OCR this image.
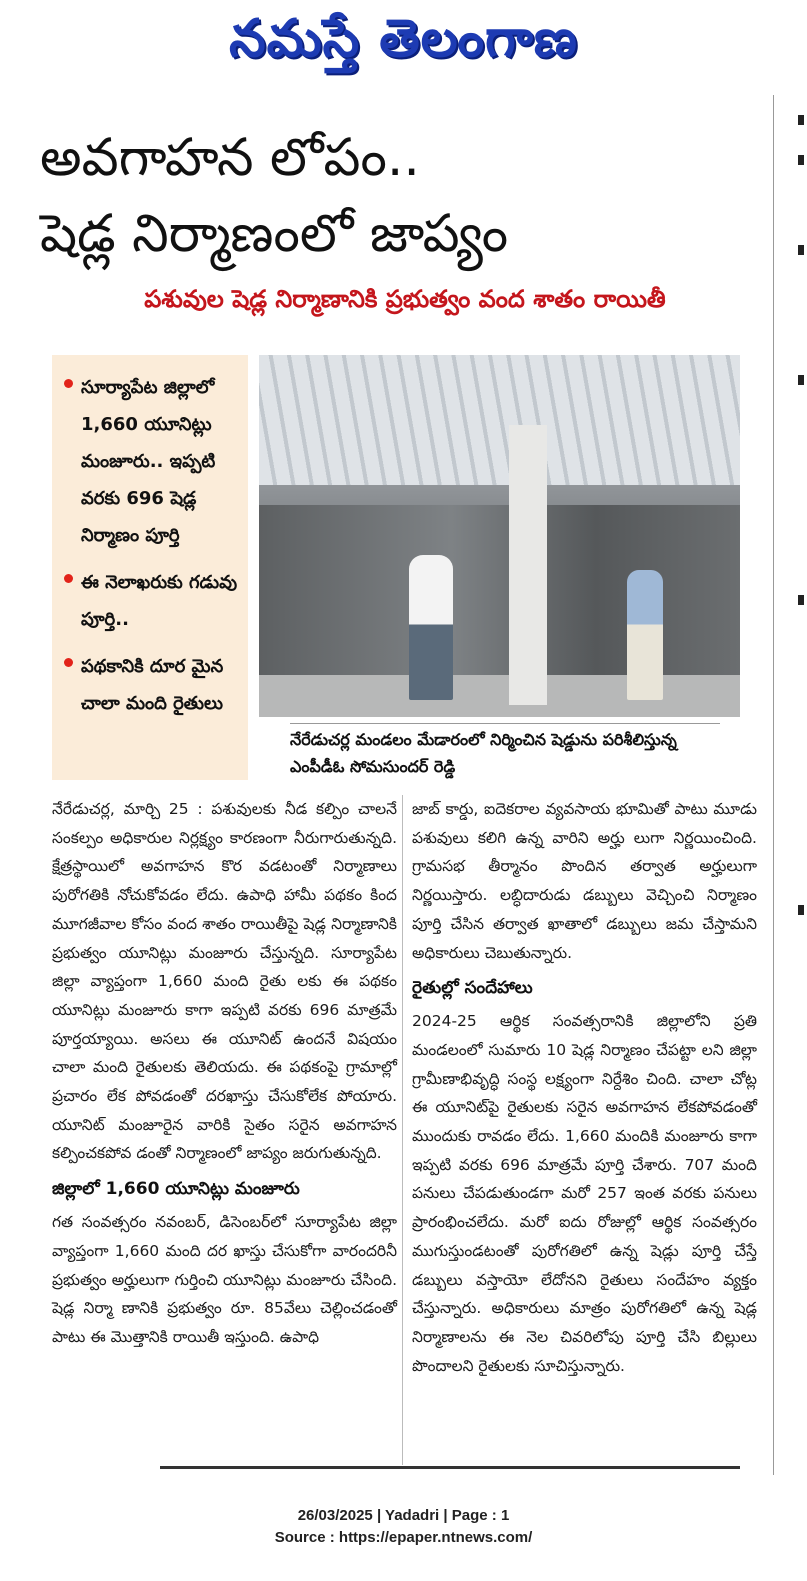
నమస్తే తెలంగాణ
అవగాహన లోపం..
షెడ్ల నిర్మాణంలో జాప్యం
పశువుల షెడ్ల నిర్మాణానికి ప్రభుత్వం వంద శాతం రాయితీ
సూర్యాపేట జిల్లాలో 1,660 యూనిట్లు మంజూరు.. ఇప్పటి వరకు 696 షెడ్ల నిర్మాణం పూర్తి
ఈ నెలాఖరుకు గడువు పూర్తి..
పథకానికి దూర మైన చాలా మంది రైతులు
నేరేడుచర్ల మండలం మేడారంలో నిర్మించిన షెడ్డును పరిశీలిస్తున్న ఎంపీడీఓ సోమసుందర్ రెడ్డి

నేరేడుచర్ల, మార్చి 25 : పశువులకు నీడ కల్పిం చాలనే సంకల్పం అధికారుల నిర్లక్ష్యం కారణంగా నీరుగారుతున్నది. క్షేత్రస్థాయిలో అవగాహన కొర వడటంతో నిర్మాణాలు పురోగతికి నోచుకోవడం లేదు. ఉపాధి హామీ పథకం కింద మూగజీవాల కోసం వంద శాతం రాయితీపై షెడ్ల నిర్మాణానికి ప్రభుత్వం యూనిట్లు మంజూరు చేస్తున్నది. సూర్యాపేట జిల్లా వ్యాప్తంగా 1,660 మంది రైతు లకు ఈ పథకం యూనిట్లు మంజూరు కాగా ఇప్పటి వరకు 696 మాత్రమే పూర్తయ్యాయి. అసలు ఈ యూనిట్ ఉందనే విషయం చాలా మంది రైతులకు తెలియదు. ఈ పథకంపై గ్రామాల్లో ప్రచారం లేక పోవడంతో దరఖాస్తు చేసుకోలేక పోయారు. యూనిట్ మంజూరైన వారికి సైతం సరైన అవగాహన కల్పించకపోవ డంతో నిర్మాణంలో జాప్యం జరుగుతున్నది.

జిల్లాలో 1,660 యూనిట్లు మంజూరు

గత సంవత్సరం నవంబర్, డిసెంబర్‌లో సూర్యాపేట జిల్లా వ్యాప్తంగా 1,660 మంది దర ఖాస్తు చేసుకోగా వారందరినీ ప్రభుత్వం అర్హులుగా గుర్తించి యూనిట్లు మంజూరు చేసింది. షెడ్ల నిర్మా ణానికి ప్రభుత్వం రూ. 85వేలు చెల్లించడంతో పాటు ఈ మొత్తానికి రాయితీ ఇస్తుంది. ఉపాధి

జాబ్ కార్డు, ఐదెకరాల వ్యవసాయ భూమితో పాటు మూడు పశువులు కలిగి ఉన్న వారిని అర్హు లుగా నిర్ణయించింది. గ్రామసభ తీర్మానం పొందిన తర్వాత అర్హులుగా నిర్ణయిస్తారు. లబ్ధిదారుడు డబ్బులు వెచ్చించి నిర్మాణం పూర్తి చేసిన తర్వాత ఖాతాలో డబ్బులు జమ చేస్తామని అధికారులు చెబుతున్నారు.

రైతుల్లో సందేహాలు

2024-25 ఆర్థిక సంవత్సరానికి జిల్లాలోని ప్రతి మండలంలో సుమారు 10 షెడ్ల నిర్మాణం చేపట్టా లని జిల్లా గ్రామీణాభివృద్ధి సంస్థ లక్ష్యంగా నిర్దేశిం చింది. చాలా చోట్ల ఈ యూనిట్‌పై రైతులకు సరైన అవగాహన లేకపోవడంతో ముందుకు రావడం లేదు. 1,660 మందికి మంజూరు కాగా ఇప్పటి వరకు 696 మాత్రమే పూర్తి చేశారు. 707 మంది పనులు చేపడుతుండగా మరో 257 ఇంత వరకు పనులు ప్రారంభించలేదు. మరో ఐదు రోజుల్లో ఆర్థిక సంవత్సరం ముగుస్తుండటంతో పురోగతిలో ఉన్న షెడ్లు పూర్తి చేస్తే డబ్బులు వస్తాయో లేదోనని రైతులు సందేహం వ్యక్తం చేస్తున్నారు. అధికారులు మాత్రం పురోగతిలో ఉన్న షెడ్ల నిర్మాణాలను ఈ నెల చివరిలోపు పూర్తి చేసి బిల్లులు పొందాలని రైతులకు సూచిస్తున్నారు.

26/03/2025 | Yadadri | Page : 1
Source : https://epaper.ntnews.com/
